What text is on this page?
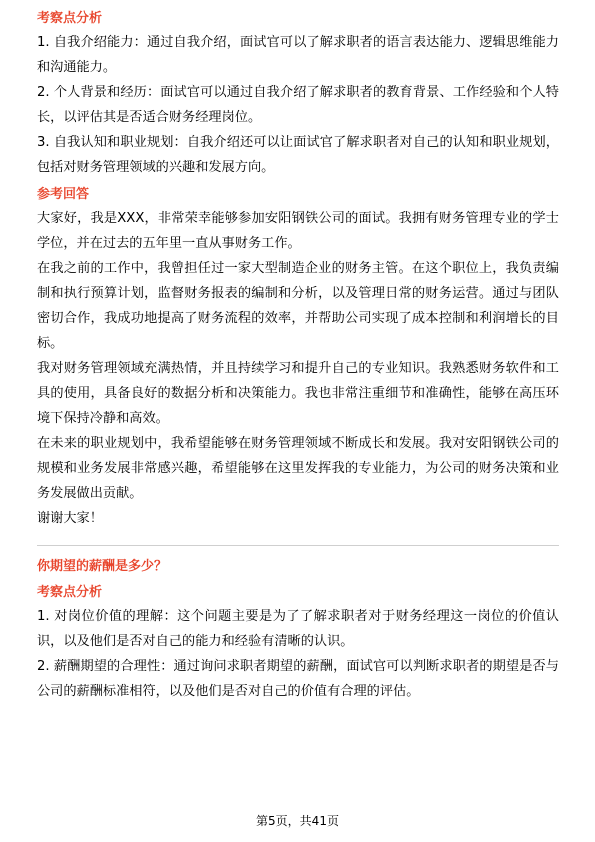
考察点分析

1. 自我介绍能力：通过自我介绍，面试官可以了解求职者的语言表达能力、逻辑思维能力和沟通能力。

2. 个人背景和经历：面试官可以通过自我介绍了解求职者的教育背景、工作经验和个人特长，以评估其是否适合财务经理岗位。

3. 自我认知和职业规划：自我介绍还可以让面试官了解求职者对自己的认知和职业规划，包括对财务管理领域的兴趣和发展方向。

参考回答

大家好，我是XXX，非常荣幸能够参加安阳钢铁公司的面试。我拥有财务管理专业的学士学位，并在过去的五年里一直从事财务工作。

在我之前的工作中，我曾担任过一家大型制造企业的财务主管。在这个职位上，我负责编制和执行预算计划，监督财务报表的编制和分析，以及管理日常的财务运营。通过与团队密切合作，我成功地提高了财务流程的效率，并帮助公司实现了成本控制和利润增长的目标。

我对财务管理领域充满热情，并且持续学习和提升自己的专业知识。我熟悉财务软件和工具的使用，具备良好的数据分析和决策能力。我也非常注重细节和准确性，能够在高压环境下保持冷静和高效。

在未来的职业规划中，我希望能够在财务管理领域不断成长和发展。我对安阳钢铁公司的规模和业务发展非常感兴趣，希望能够在这里发挥我的专业能力，为公司的财务决策和业务发展做出贡献。

谢谢大家！

你期望的薪酬是多少？
考察点分析

1. 对岗位价值的理解：这个问题主要是为了了解求职者对于财务经理这一岗位的价值认识，以及他们是否对自己的能力和经验有清晰的认识。

2. 薪酬期望的合理性：通过询问求职者期望的薪酬，面试官可以判断求职者的期望是否与公司的薪酬标准相符，以及他们是否对自己的价值有合理的评估。

第5页，共41页
